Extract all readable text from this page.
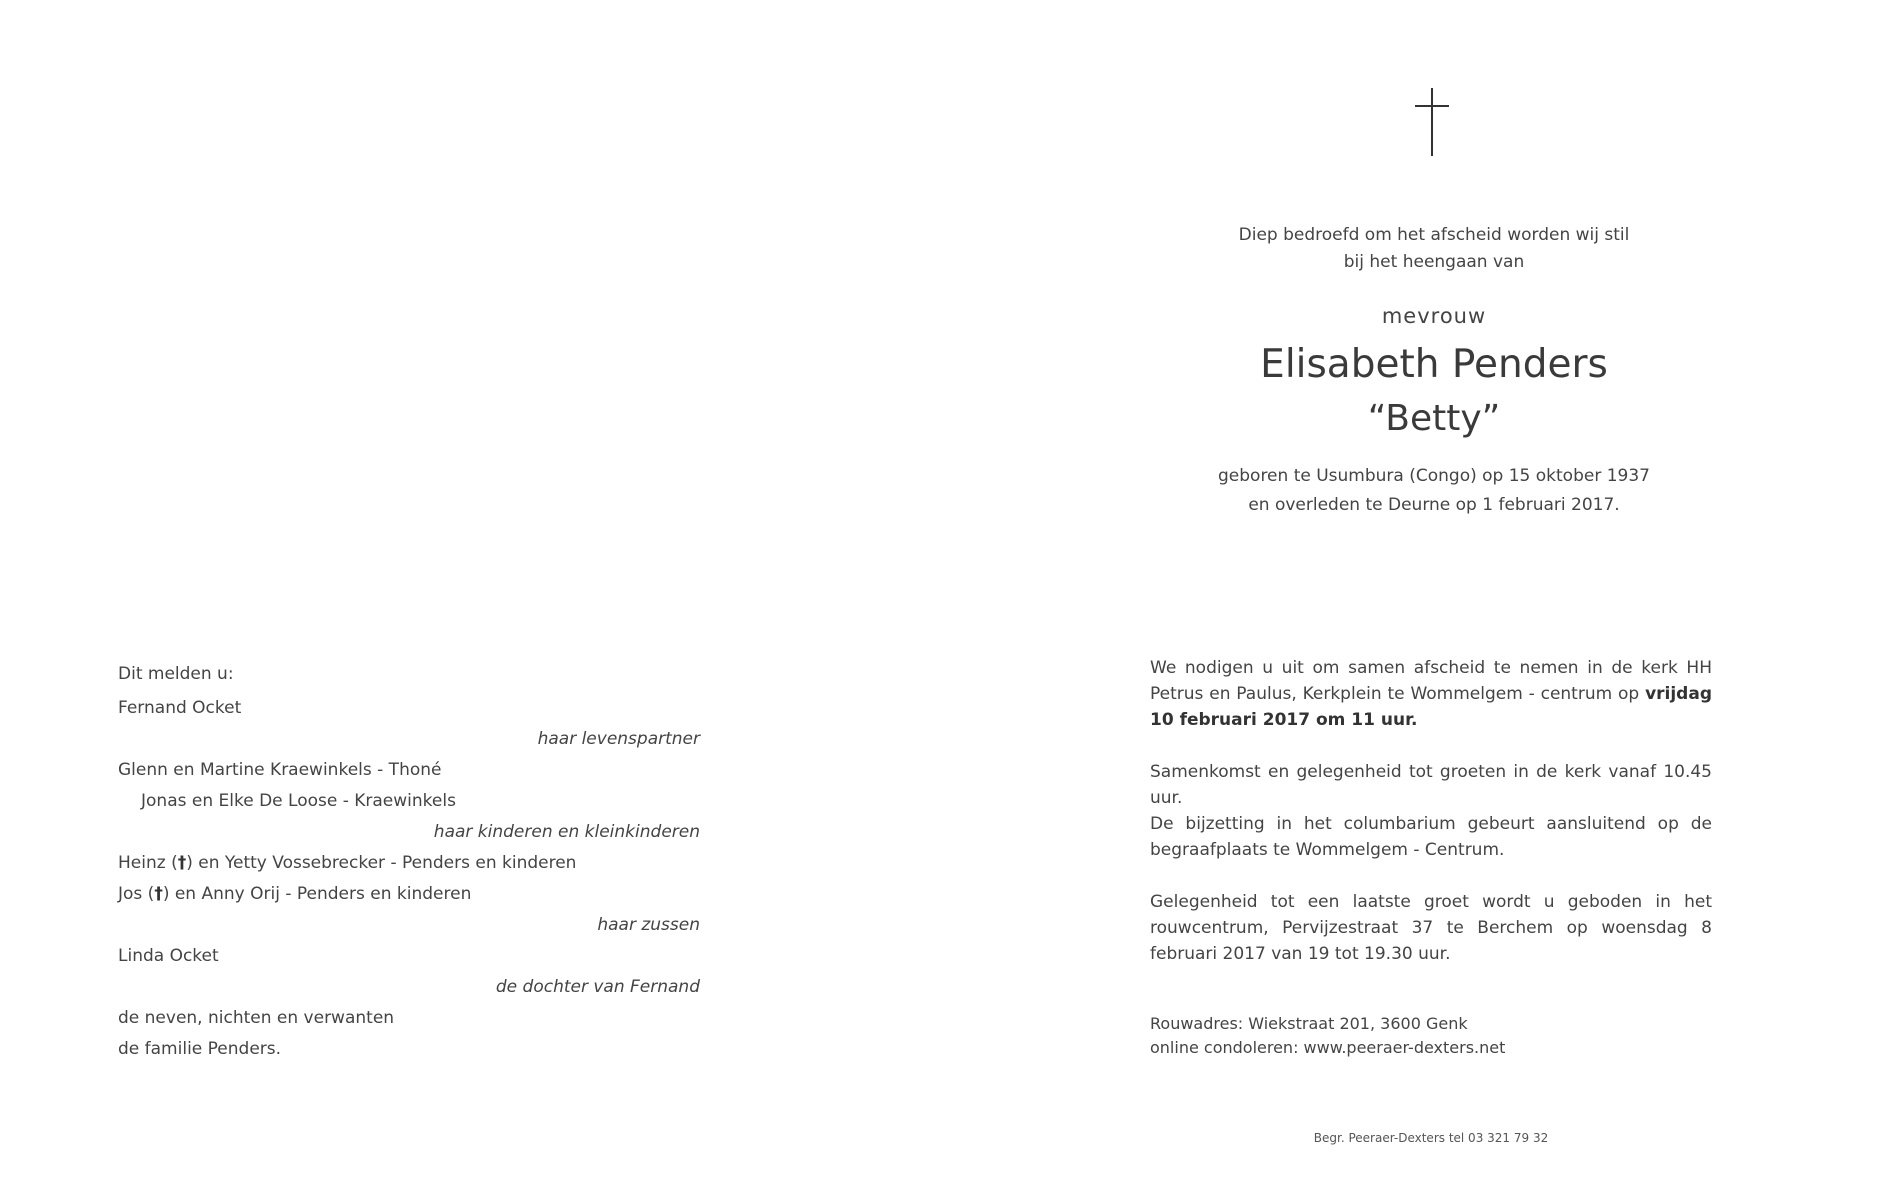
Diep bedroefd om het afscheid worden wij stil
bij het heengaan van
mevrouw
Elisabeth Penders
“Betty”
geboren te Usumbura (Congo) op 15 oktober 1937
en overleden te Deurne op 1 februari 2017.
Dit melden u:
Fernand Ocket
haar levenspartner
Glenn en Martine Kraewinkels - Thoné
Jonas en Elke De Loose - Kraewinkels
haar kinderen en kleinkinderen
Heinz (†) en Yetty Vossebrecker - Penders en kinderen
Jos (†) en Anny Orij - Penders en kinderen
haar zussen
Linda Ocket
de dochter van Fernand
de neven, nichten en verwanten
de familie Penders.

We nodigen u uit om samen afscheid te nemen in de kerk HH Petrus en Paulus, Kerkplein te Wommelgem - centrum op vrijdag 10 februari 2017 om 11 uur.

Samenkomst en gelegenheid tot groeten in de kerk vanaf 10.45 uur.

De bijzetting in het columbarium gebeurt aansluitend op de begraafplaats te Wommelgem - Centrum.

Gelegenheid tot een laatste groet wordt u geboden in het rouwcentrum, Pervijzestraat 37 te Berchem op woensdag 8 februari 2017 van 19 tot 19.30 uur.

Rouwadres: Wiekstraat 201, 3600 Genk
online condoleren: www.peeraer-dexters.net
Begr. Peeraer-Dexters tel 03 321 79 32
